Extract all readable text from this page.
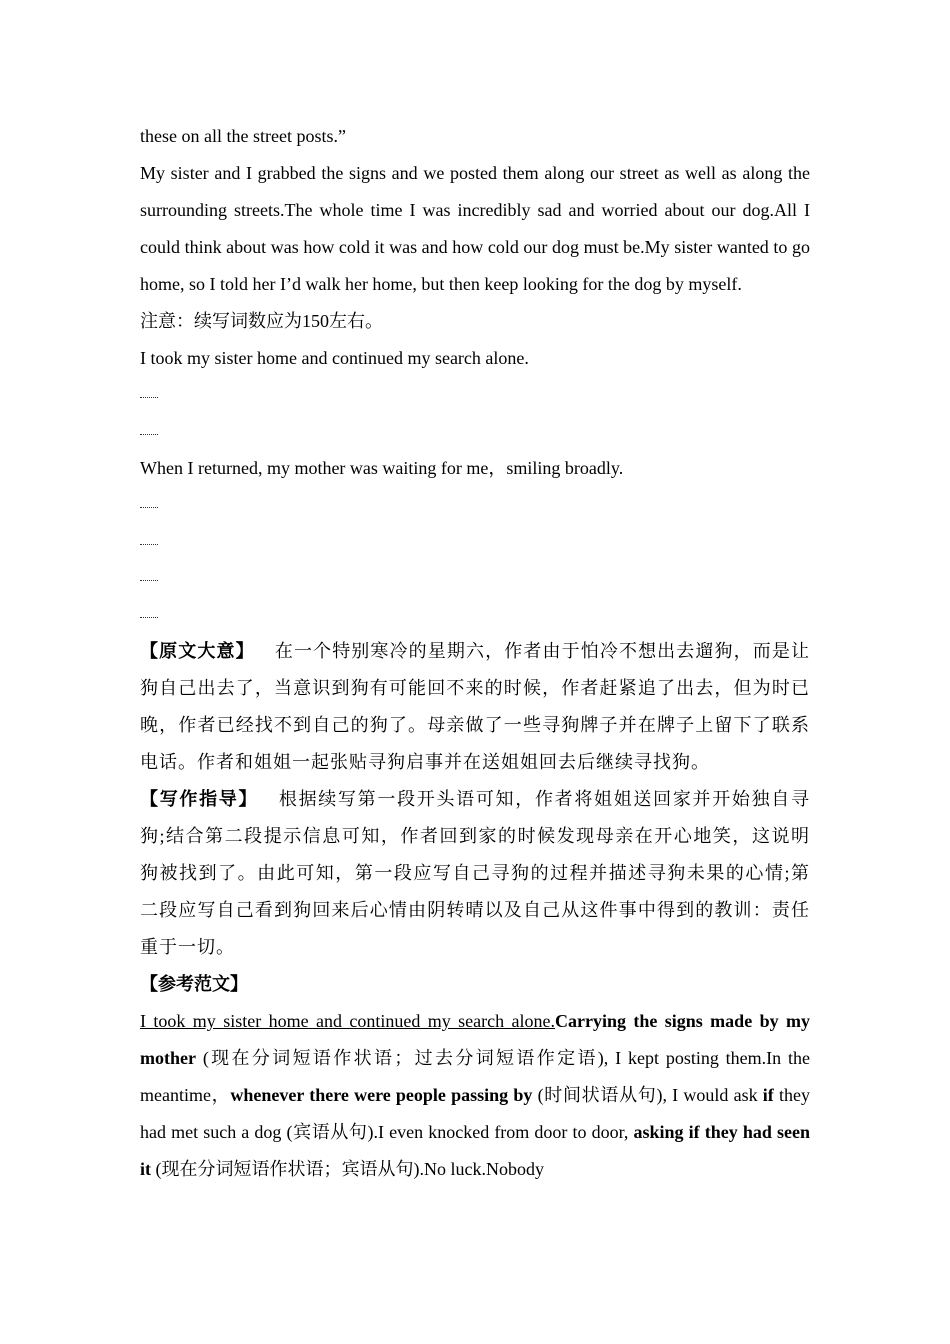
these on all the street posts.”

My sister and I grabbed the signs and we posted them along our street as well as along the surrounding streets.The whole time I was incredibly sad and worried about our dog.All I could think about was how cold it was and how cold our dog must be.My sister wanted to go home, so I told her I’d walk her home, but then keep looking for the dog by myself.

注意：续写词数应为150左右。

I took my sister home and continued my search alone.

When I returned, my mother was waiting for me，smiling broadly.

【原文大意】 在一个特别寒冷的星期六，作者由于怕冷不想出去遛狗，而是让狗自己出去了，当意识到狗有可能回不来的时候，作者赶紧追了出去，但为时已晚，作者已经找不到自己的狗了。母亲做了一些寻狗牌子并在牌子上留下了联系电话。作者和姐姐一起张贴寻狗启事并在送姐姐回去后继续寻找狗。

【写作指导】 根据续写第一段开头语可知，作者将姐姐送回家并开始独自寻狗;结合第二段提示信息可知，作者回到家的时候发现母亲在开心地笑，这说明狗被找到了。由此可知，第一段应写自己寻狗的过程并描述寻狗未果的心情;第二段应写自己看到狗回来后心情由阴转晴以及自己从这件事中得到的教训：责任重于一切。

【参考范文】

I took my sister home and continued my search alone.Carrying the signs made by my mother (现在分词短语作状语；过去分词短语作定语), I kept posting them.In the meantime，whenever there were people passing by (时间状语从句), I would ask if they had met such a dog (宾语从句).I even knocked from door to door, asking if they had seen it (现在分词短语作状语；宾语从句).No luck.Nobody
